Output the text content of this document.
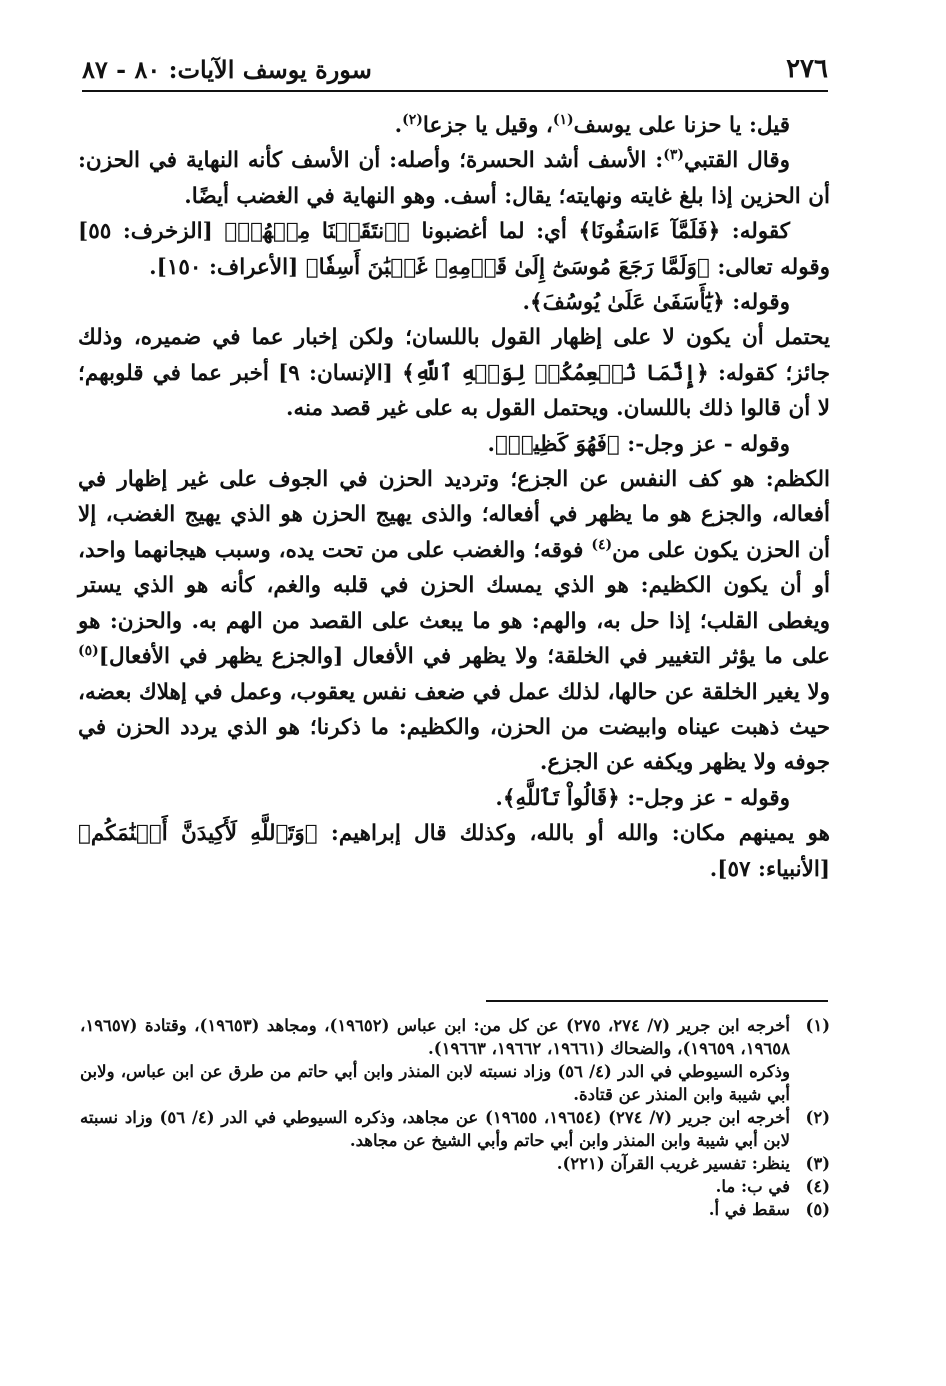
٢٧٦
سورة يوسف الآيات: ٨٠ - ٨٧

قيل: يا حزنا على يوسف$^{(١)}$، وقيل يا جزعا$^{(٢)}$.

وقال القتبي$^{(٣)}$: الأسف أشد الحسرة؛ وأصله: أن الأسف كأنه النهاية في الحزن: أن الحزين إذا بلغ غايته ونهايته؛ يقال: أسف. وهو النهاية في الغضب أيضًا.

كقوله: ﴿فَلَمَّآ ءَاسَفُونَا﴾ أي: لما أغضبونا ﴿ٱنتَقَمۡنَا مِنۡهُمۡ﴾ [الزخرف: ٥٥] وقوله تعالى: ﴿وَلَمَّا رَجَعَ مُوسَىٰٓ إِلَىٰ قَوۡمِهِۦ غَضۡبَٰنَ أَسِفٗا﴾ [الأعراف: ١٥٠].

وقوله: ﴿يَٰٓأَسَفَىٰ عَلَىٰ يُوسُفَ﴾.

يحتمل أن يكون لا على إظهار القول باللسان؛ ولكن إخبار عما في ضميره، وذلك جائز؛ كقوله: ﴿إِنَّمَا نُطۡعِمُكُمۡ لِوَجۡهِ ٱللَّهِ﴾ [الإنسان: ٩] أخبر عما في قلوبهم؛ لا أن قالوا ذلك باللسان. ويحتمل القول به على غير قصد منه.

وقوله - عز وجل-: ﴿فَهُوَ كَظِيمٞ﴾.

الكظم: هو كف النفس عن الجزع؛ وترديد الحزن في الجوف على غير إظهار في أفعاله، والجزع هو ما يظهر في أفعاله؛ والذى يهيج الحزن هو الذي يهيج الغضب، إلا أن الحزن يكون على من$^{(٤)}$ فوقه؛ والغضب على من تحت يده، وسبب هيجانهما واحد، أو أن يكون الكظيم: هو الذي يمسك الحزن في قلبه والغم، كأنه هو الذي يستر ويغطى القلب؛ إذا حل به، والهم: هو ما يبعث على القصد من الهم به. والحزن: هو على ما يؤثر التغيير في الخلقة؛ ولا يظهر في الأفعال [والجزع يظهر في الأفعال]$^{(٥)}$ ولا يغير الخلقة عن حالها، لذلك عمل في ضعف نفس يعقوب، وعمل في إهلاك بعضه، حيث ذهبت عيناه وابيضت من الحزن، والكظيم: ما ذكرنا؛ هو الذي يردد الحزن في جوفه ولا يظهر ويكفه عن الجزع.

وقوله - عز وجل-: ﴿قَالُواْ تَٱللَّهِ﴾.

هو يمينهم مكان: والله أو بالله، وكذلك قال إبراهيم: ﴿وَتَٱللَّهِ لَأَكِيدَنَّ أَصۡنَٰمَكُم﴾ [الأنبياء: ٥٧].

(١)
أخرجه ابن جرير (٧/ ٢٧٤، ٢٧٥) عن كل من: ابن عباس (١٩٦٥٢)، ومجاهد (١٩٦٥٣)، وقتادة (١٩٦٥٧، ١٩٦٥٨، ١٩٦٥٩)، والضحاك (١٩٦٦١، ١٩٦٦٢، ١٩٦٦٣).
وذكره السيوطي في الدر (٤/ ٥٦) وزاد نسبته لابن المنذر وابن أبي حاتم من طرق عن ابن عباس، ولابن أبي شيبة وابن المنذر عن قتادة.
(٢)
أخرجه ابن جرير (٧/ ٢٧٤) (١٩٦٥٤، ١٩٦٥٥) عن مجاهد، وذكره السيوطي في الدر (٤/ ٥٦) وزاد نسبته لابن أبي شيبة وابن المنذر وابن أبي حاتم وأبي الشيخ عن مجاهد.
(٣)
ينظر: تفسير غريب القرآن (٢٢١).
(٤)
في ب: ما.
(٥)
سقط في أ.
